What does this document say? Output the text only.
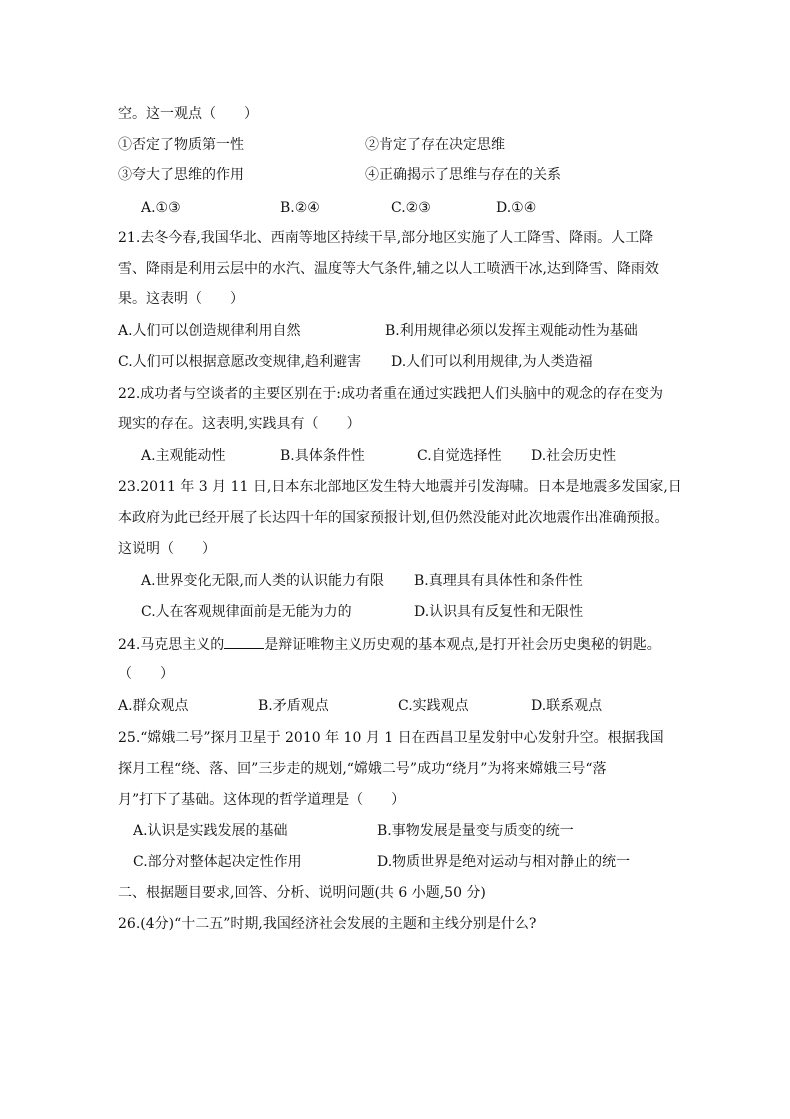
空。这一观点（　　）
①否定了物质第一性	②肯定了存在决定思维
③夸大了思维的作用	④正确揭示了思维与存在的关系
A.①③	B.②④	C.②③	D.①④
21.去冬今春,我国华北、西南等地区持续干旱,部分地区实施了人工降雪、降雨。人工降
雪、降雨是利用云层中的水汽、温度等大气条件,辅之以人工喷洒干冰,达到降雪、降雨效
果。这表明（　　）
A.人们可以创造规律利用自然	B.利用规律必须以发挥主观能动性为基础
C.人们可以根据意愿改变规律,趋利避害 D.人们可以利用规律,为人类造福
22.成功者与空谈者的主要区别在于:成功者重在通过实践把人们头脑中的观念的存在变为
现实的存在。这表明,实践具有（　　）
A.主观能动性	B.具体条件性	C.自觉选择性 D.社会历史性
23.2011 年 3 月 11 日,日本东北部地区发生特大地震并引发海啸。日本是地震多发国家,日
本政府为此已经开展了长达四十年的国家预报计划,但仍然没能对此次地震作出准确预报。
这说明（　　）
A.世界变化无限,而人类的认识能力有限 B.真理具有具体性和条件性
C.人在客观规律面前是无能为力的	D.认识具有反复性和无限性
24.马克思主义的	是辩证唯物主义历史观的基本观点,是打开社会历史奥秘的钥匙。
（　　）
A.群众观点	B.矛盾观点	C.实践观点	D.联系观点
25.“嫦娥二号”探月卫星于 2010 年 10 月 1 日在西昌卫星发射中心发射升空。根据我国
探月工程“绕、落、回”三步走的规划,“嫦娥二号”成功“绕月”为将来嫦娥三号“落
月”打下了基础。这体现的哲学道理是（　　）
A.认识是实践发展的基础	B.事物发展是量变与质变的统一
C.部分对整体起决定性作用	D.物质世界是绝对运动与相对静止的统一
二、根据题目要求,回答、分析、说明问题(共 6 小题,50 分)
26.(4分)“十二五”时期,我国经济社会发展的主题和主线分别是什么?
